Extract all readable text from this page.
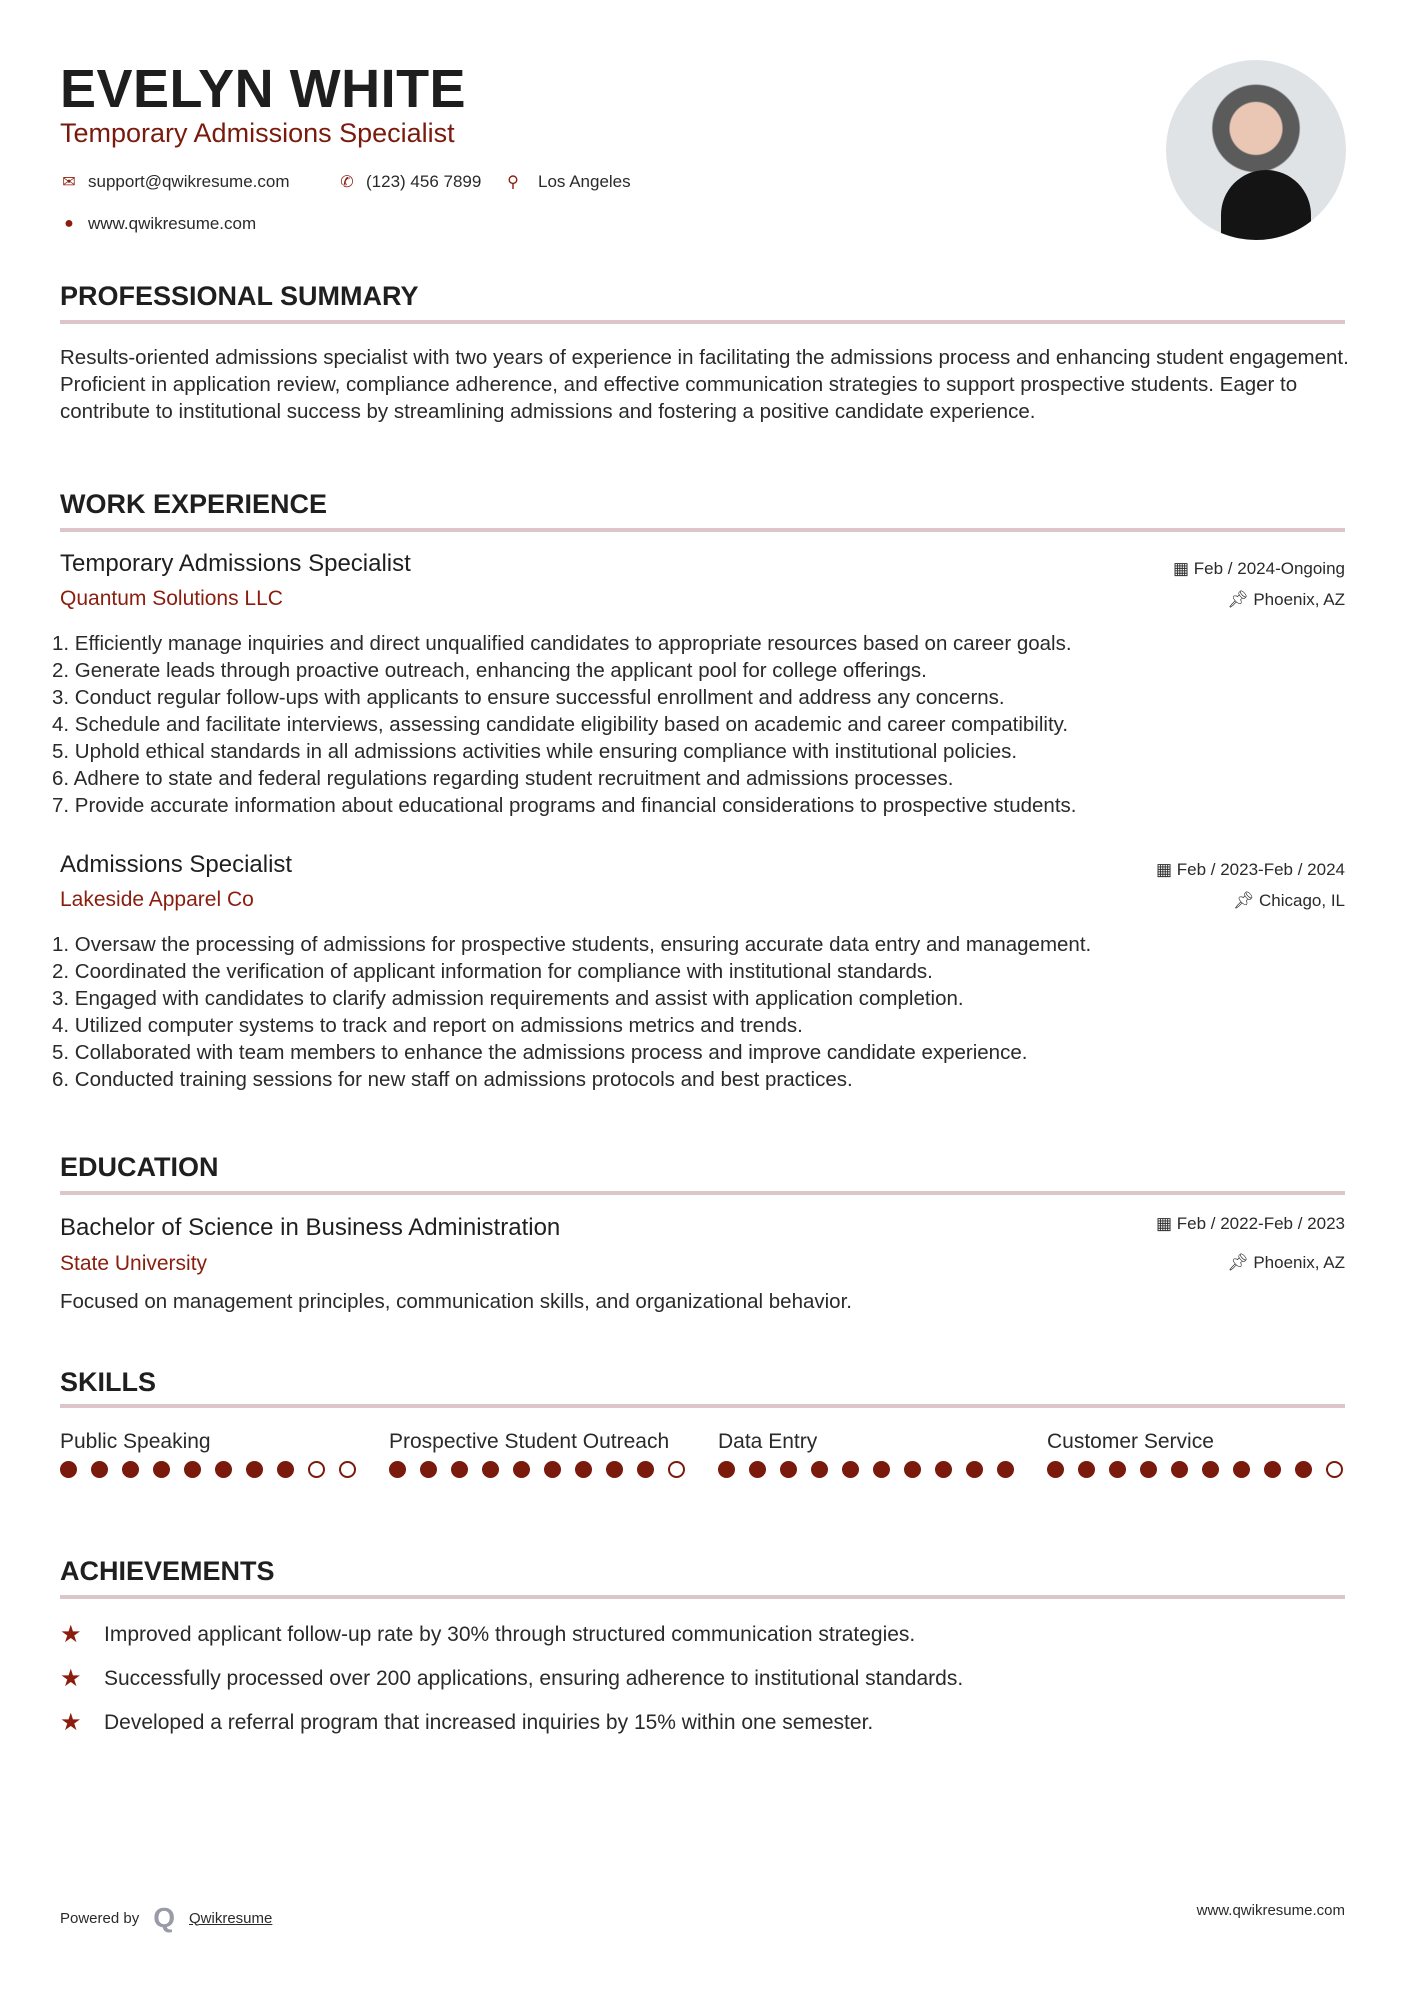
EVELYN WHITE
Temporary Admissions Specialist
✉ support@qwikresume.com	✆ (123) 456 7899 ⚲ Los Angeles
● www.qwikresume.com
PROFESSIONAL SUMMARY
Results-oriented admissions specialist with two years of experience in facilitating the admissions process and enhancing student engagement. Proficient in application review, compliance adherence, and effective communication strategies to support prospective students. Eager to contribute to institutional success by streamlining admissions and fostering a positive candidate experience.
WORK EXPERIENCE
Temporary Admissions Specialist
Quantum Solutions LLC
▦ Feb / 2024-Ongoing
📌︎ Phoenix, AZ
1. Efficiently manage inquiries and direct unqualified candidates to appropriate resources based on career goals.
2. Generate leads through proactive outreach, enhancing the applicant pool for college offerings.
3. Conduct regular follow-ups with applicants to ensure successful enrollment and address any concerns.
4. Schedule and facilitate interviews, assessing candidate eligibility based on academic and career compatibility.
5. Uphold ethical standards in all admissions activities while ensuring compliance with institutional policies.
6. Adhere to state and federal regulations regarding student recruitment and admissions processes.
7. Provide accurate information about educational programs and financial considerations to prospective students.
Admissions Specialist
Lakeside Apparel Co
▦ Feb / 2023-Feb / 2024
📌︎ Chicago, IL
1. Oversaw the processing of admissions for prospective students, ensuring accurate data entry and management.
2. Coordinated the verification of applicant information for compliance with institutional standards.
3. Engaged with candidates to clarify admission requirements and assist with application completion.
4. Utilized computer systems to track and report on admissions metrics and trends.
5. Collaborated with team members to enhance the admissions process and improve candidate experience.
6. Conducted training sessions for new staff on admissions protocols and best practices.
EDUCATION
Bachelor of Science in Business Administration
State University
▦ Feb / 2022-Feb / 2023
📌︎ Phoenix, AZ
Focused on management principles, communication skills, and organizational behavior.
SKILLS
Public Speaking	Prospective Student Outreach	Data Entry	Customer Service
ACHIEVEMENTS
★	Improved applicant follow-up rate by 30% through structured communication strategies.
★	Successfully processed over 200 applications, ensuring adherence to institutional standards.
★	Developed a referral program that increased inquiries by 15% within one semester.
Powered by Q Qwikresume	www.qwikresume.com
